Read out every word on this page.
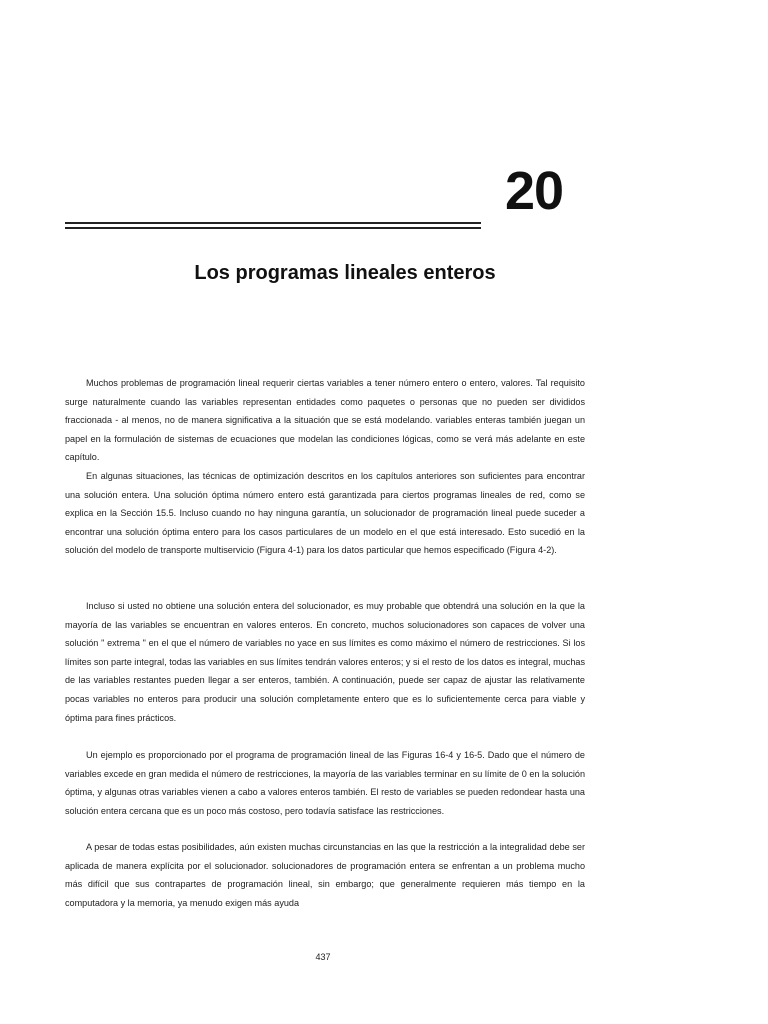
20
Los programas lineales enteros

Muchos problemas de programación lineal requerir ciertas variables a tener número entero o entero, valores. Tal requisito surge naturalmente cuando las variables representan entidades como paquetes o personas que no pueden ser divididos fraccionada - al menos, no de manera significativa a la situación que se está modelando. variables enteras también juegan un papel en la formulación de sistemas de ecuaciones que modelan las condiciones lógicas, como se verá más adelante en este capítulo.

En algunas situaciones, las técnicas de optimización descritos en los capítulos anteriores son suficientes para encontrar una solución entera. Una solución óptima número entero está garantizada para ciertos programas lineales de red, como se explica en la Sección 15.5. Incluso cuando no hay ninguna garantía, un solucionador de programación lineal puede suceder a encontrar una solución óptima entero para los casos particulares de un modelo en el que está interesado. Esto sucedió en la solución del modelo de transporte multiservicio (Figura 4-1) para los datos particular que hemos especificado (Figura 4-2).

Incluso si usted no obtiene una solución entera del solucionador, es muy probable que obtendrá una solución en la que la mayoría de las variables se encuentran en valores enteros. En concreto, muchos solucionadores son capaces de volver una solución " extrema " en el que el número de variables no yace en sus límites es como máximo el número de restricciones. Si los límites son parte integral, todas las variables en sus límites tendrán valores enteros; y si el resto de los datos es integral, muchas de las variables restantes pueden llegar a ser enteros, también. A continuación, puede ser capaz de ajustar las relativamente pocas variables no enteros para producir una solución completamente entero que es lo suficientemente cerca para viable y óptima para fines prácticos.

Un ejemplo es proporcionado por el programa de programación lineal de las Figuras 16-4 y 16-5. Dado que el número de variables excede en gran medida el número de restricciones, la mayoría de las variables terminar en su límite de 0 en la solución óptima, y algunas otras variables vienen a cabo a valores enteros también. El resto de variables se pueden redondear hasta una solución entera cercana que es un poco más costoso, pero todavía satisface las restricciones.

A pesar de todas estas posibilidades, aún existen muchas circunstancias en las que la restricción a la integralidad debe ser aplicada de manera explícita por el solucionador. solucionadores de programación entera se enfrentan a un problema mucho más difícil que sus contrapartes de programación lineal, sin embargo; que generalmente requieren más tiempo en la computadora y la memoria, ya menudo exigen más ayuda

437
